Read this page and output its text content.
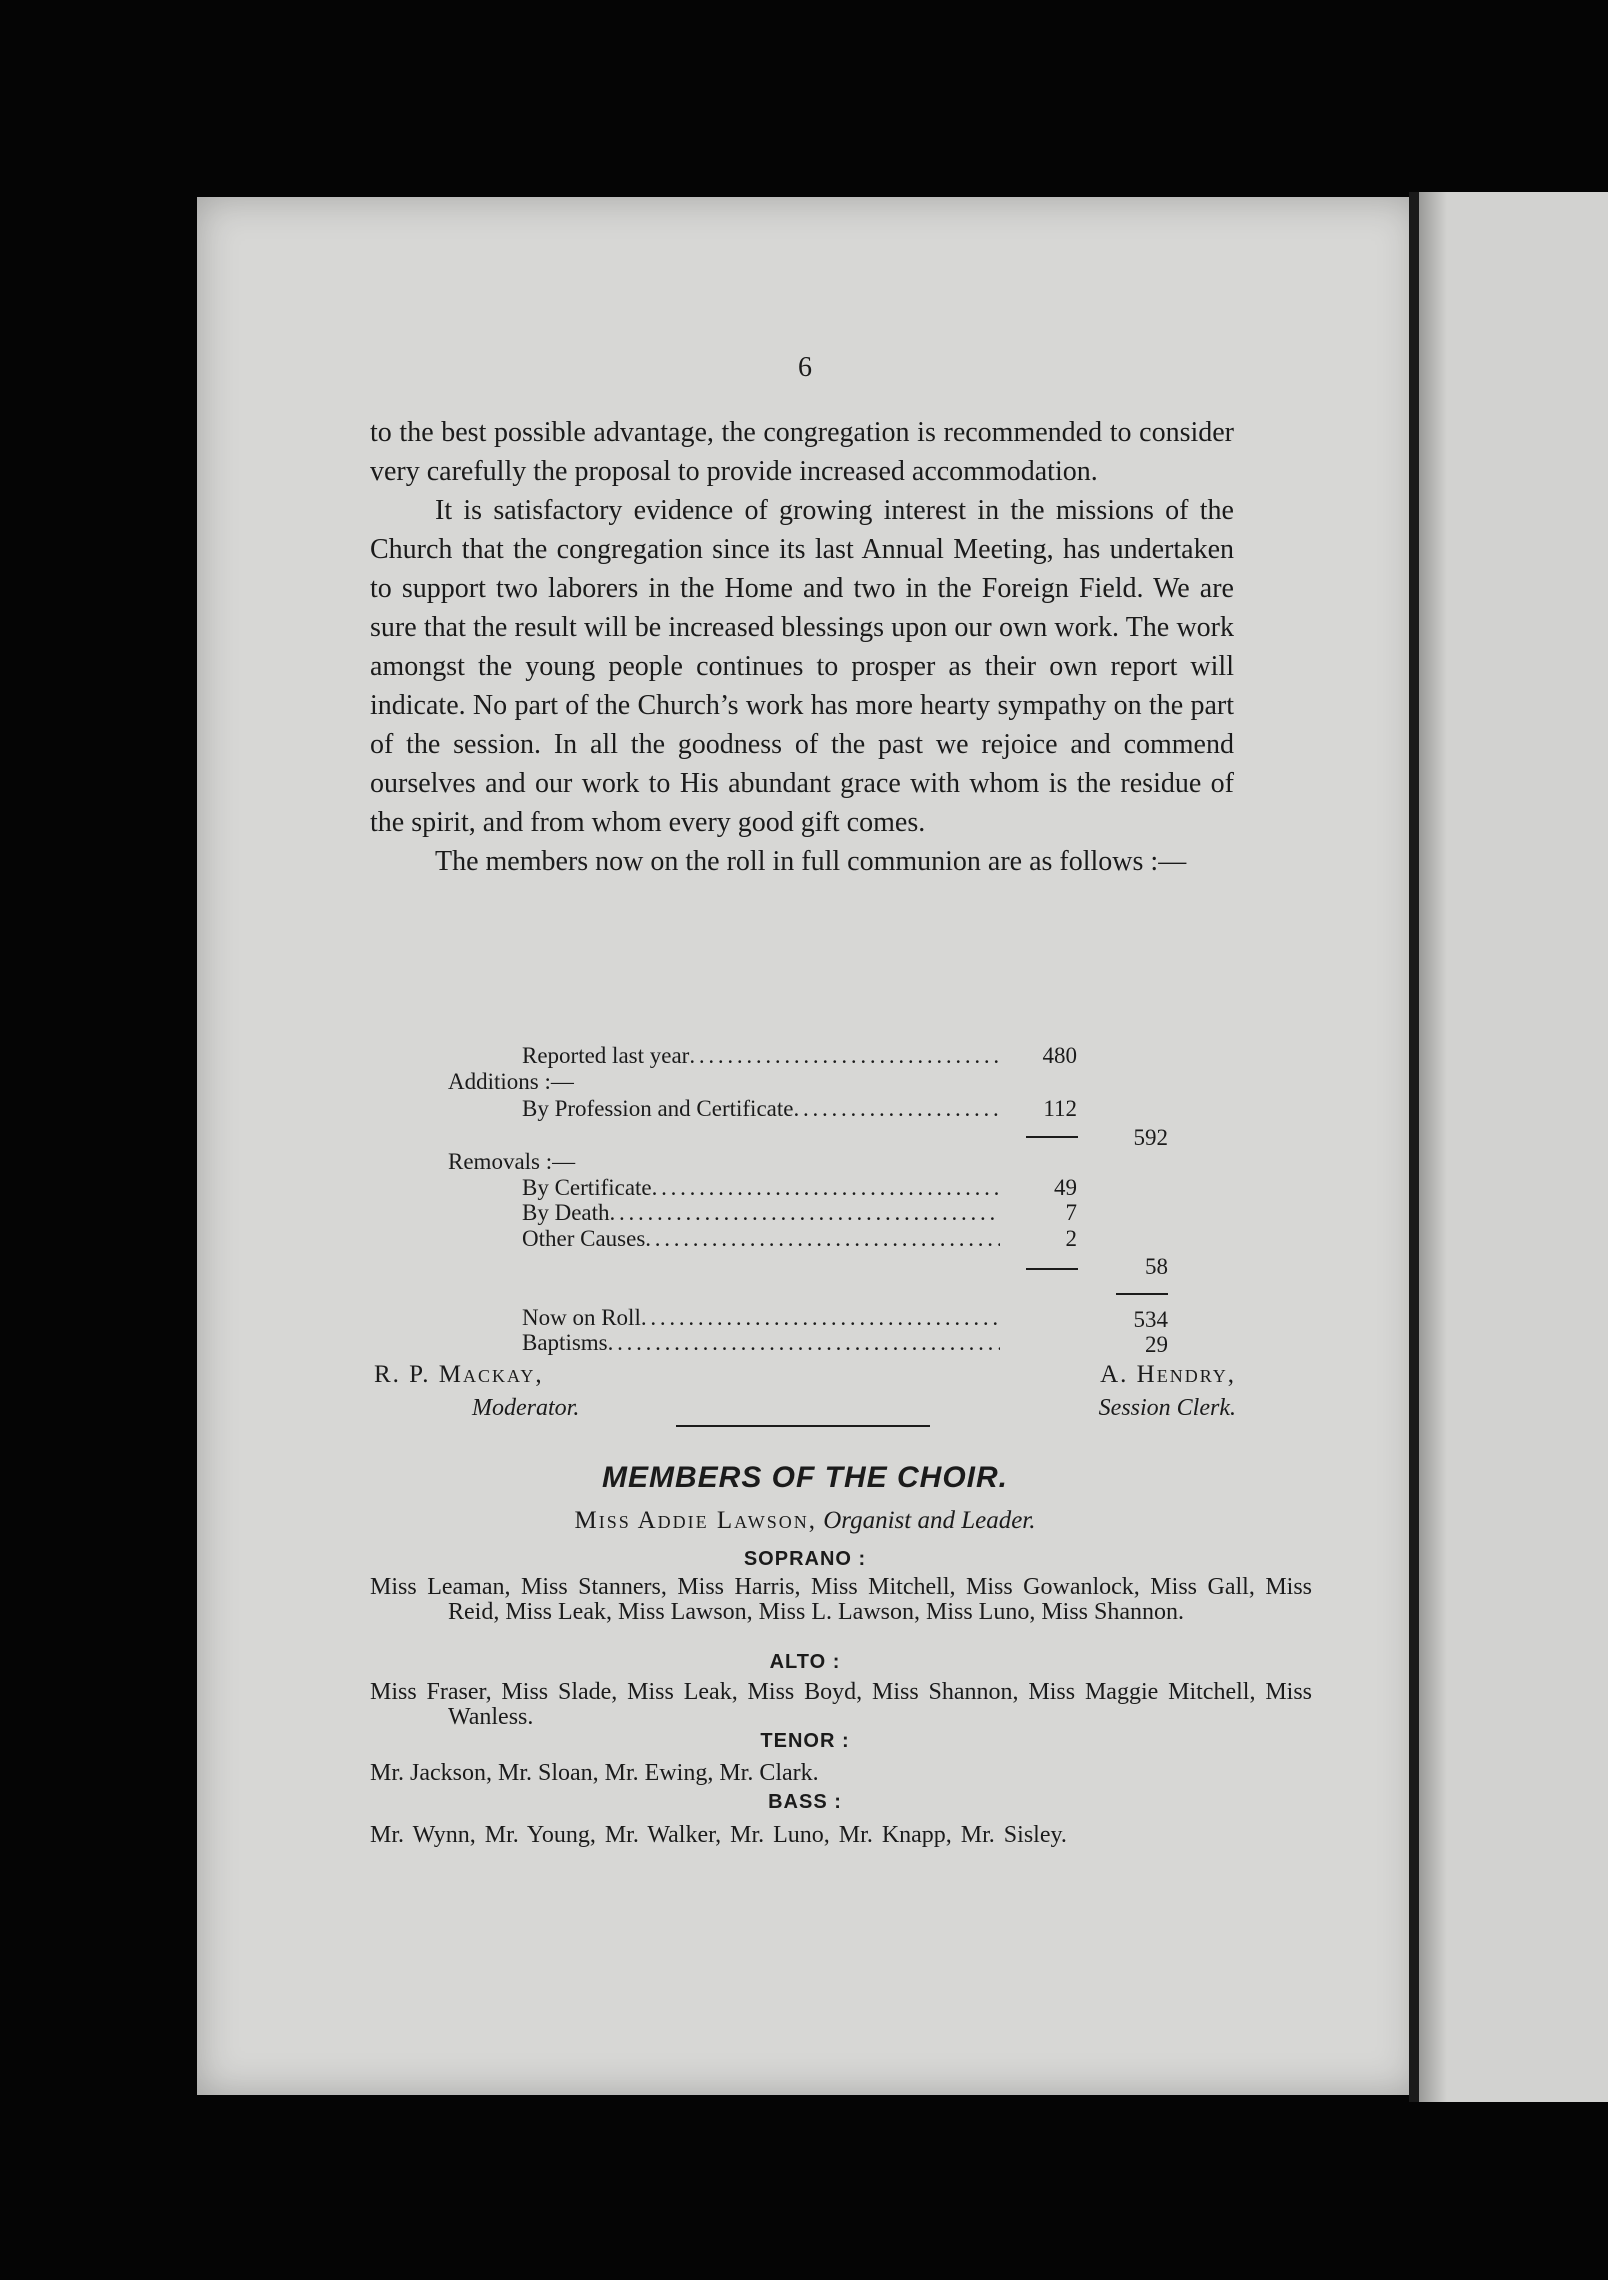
6

to the best possible advantage, the congregation is recommended to consider very carefully the proposal to provide increased accommodation.

It is satisfactory evidence of growing interest in the missions of the Church that the congregation since its last Annual Meeting, has undertaken to support two laborers in the Home and two in the Foreign Field. We are sure that the result will be increased blessings upon our own work. The work amongst the young people continues to prosper as their own report will indicate. No part of the Church’s work has more hearty sympathy on the part of the session. In all the goodness of the past we rejoice and commend ourselves and our work to His abundant grace with whom is the residue of the spirit, and from whom every good gift comes.

The members now on the roll in full communion are as follows :—

Reported last year . . .	480
Additions :—
By Profession and Certificate . . .	112
592
Removals :—
By Certificate . . .	49
By Death . . .	7
Other Causes . . .	2
58
Now on Roll . . .	534
Baptisms . . .	29
R. P. Mackay,
Moderator.
A. Hendry,
Session Clerk.
MEMBERS OF THE CHOIR.
Miss Addie Lawson, Organist and Leader.
SOPRANO :
Miss Leaman, Miss Stanners, Miss Harris, Miss Mitchell, Miss Gowanlock, Miss Gall, Miss Reid, Miss Leak, Miss Lawson, Miss L. Lawson, Miss Luno, Miss Shannon.
ALTO :
Miss Fraser, Miss Slade, Miss Leak, Miss Boyd, Miss Shannon, Miss Maggie Mitchell, Miss Wanless.
TENOR :
Mr. Jackson, Mr. Sloan, Mr. Ewing, Mr. Clark.
BASS :
Mr. Wynn, Mr. Young, Mr. Walker, Mr. Luno, Mr. Knapp, Mr. Sisley.
